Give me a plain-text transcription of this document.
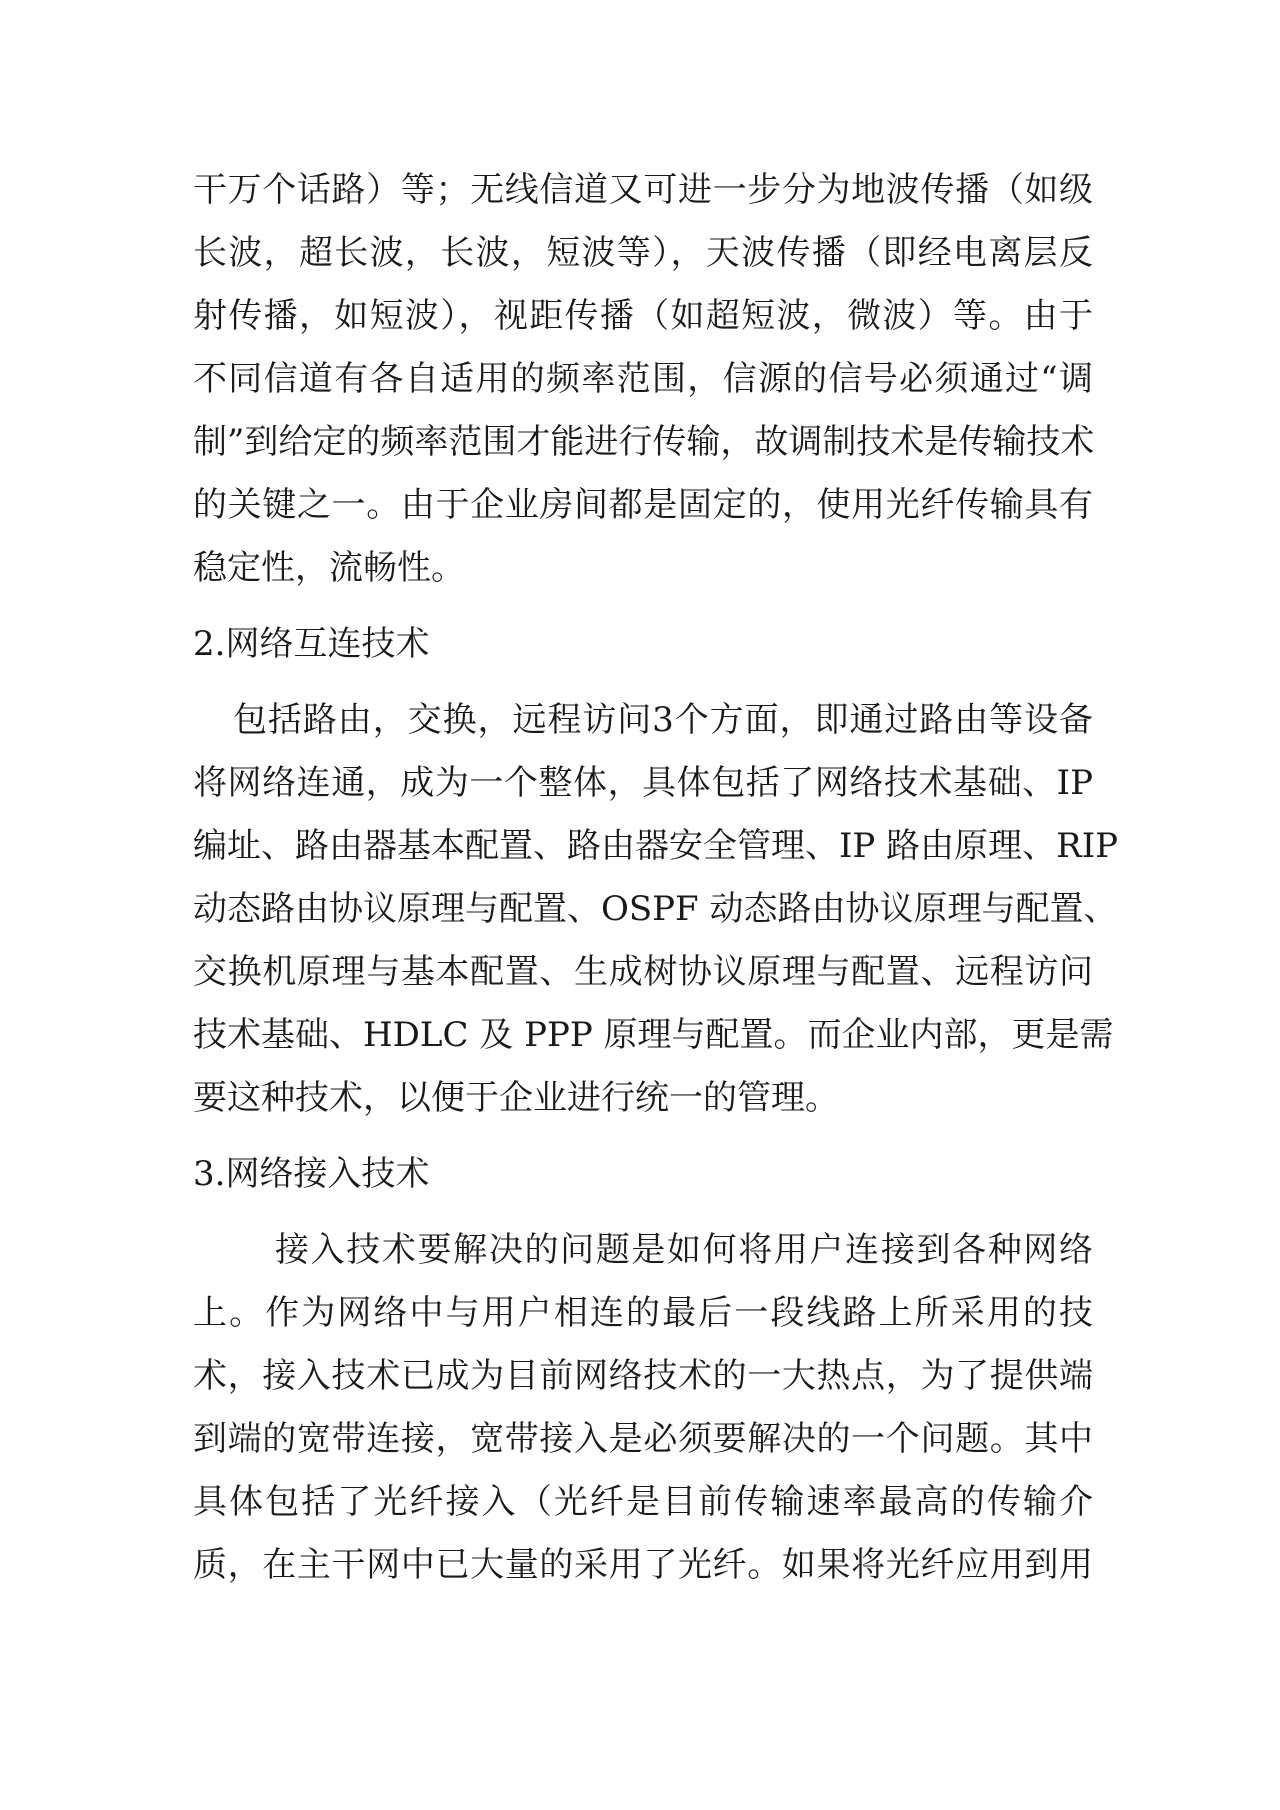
干万个话路）等；无线信道又可进一步分为地波传播（如级
长波，超长波，长波，短波等），天波传播（即经电离层反
射传播，如短波），视距传播（如超短波，微波）等。由于
不同信道有各自适用的频率范围，信源的信号必须通过“调
制”到给定的频率范围才能进行传输，故调制技术是传输技术
的关键之一。由于企业房间都是固定的，使用光纤传输具有
稳定性，流畅性。
2.网络互连技术
包括路由，交换，远程访问3个方面，即通过路由等设备
将网络连通，成为一个整体，具体包括了网络技术基础、IP
编址、路由器基本配置、路由器安全管理、IP 路由原理、RIP
动态路由协议原理与配置、OSPF 动态路由协议原理与配置、
交换机原理与基本配置、生成树协议原理与配置、远程访问
技术基础、HDLC 及 PPP 原理与配置。而企业内部，更是需
要这种技术，以便于企业进行统一的管理。
3.网络接入技术
接入技术要解决的问题是如何将用户连接到各种网络
上。作为网络中与用户相连的最后一段线路上所采用的技
术，接入技术已成为目前网络技术的一大热点，为了提供端
到端的宽带连接，宽带接入是必须要解决的一个问题。其中
具体包括了光纤接入（光纤是目前传输速率最高的传输介
质，在主干网中已大量的采用了光纤。如果将光纤应用到用
